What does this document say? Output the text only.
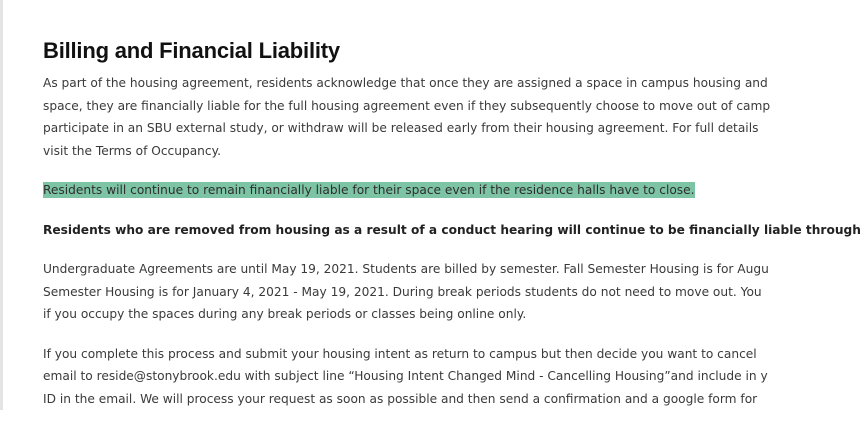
Billing and Financial Liability
As part of the housing agreement, residents acknowledge that once they are assigned a space in campus housing and
space, they are financially liable for the full housing agreement even if they subsequently choose to move out of camp
participate in an SBU external study, or withdraw will be released early from their housing agreement. For full details
visit the Terms of Occupancy.
Residents will continue to remain financially liable for their space even if the residence halls have to close.
Residents who are removed from housing as a result of a conduct hearing will continue to be financially liable through
Undergraduate Agreements are until May 19, 2021. Students are billed by semester. Fall Semester Housing is for Augu
Semester Housing is for January 4, 2021 - May 19, 2021. During break periods students do not need to move out. You
if you occupy the spaces during any break periods or classes being online only.
If you complete this process and submit your housing intent as return to campus but then decide you want to cancel
email to reside@stonybrook.edu with subject line “Housing Intent Changed Mind - Cancelling Housing”and include in y
ID in the email. We will process your request as soon as possible and then send a confirmation and a google form for
